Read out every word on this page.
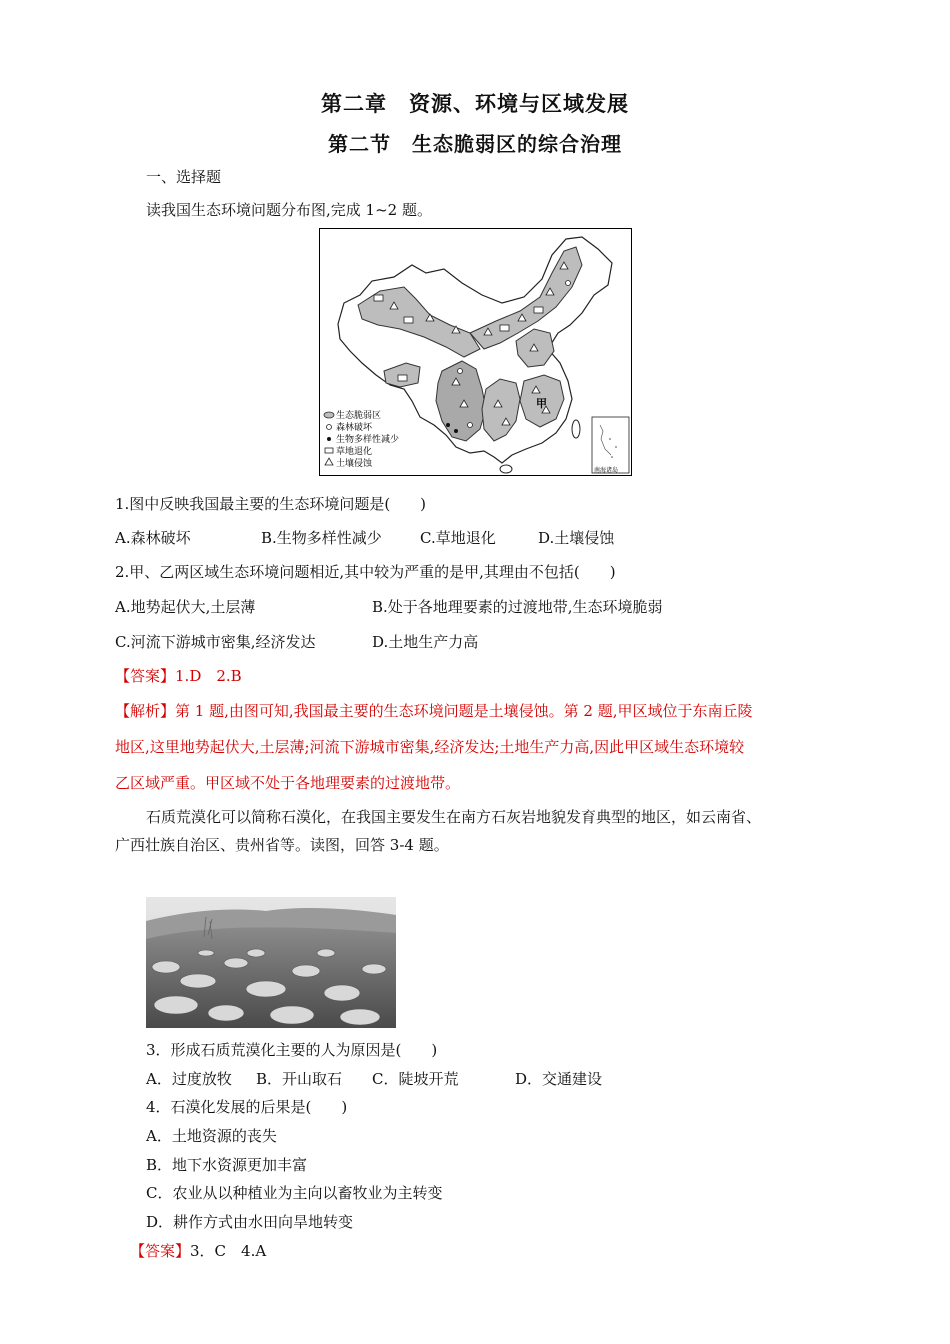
第二章　资源、环境与区域发展
第二节　生态脆弱区的综合治理
一、选择题
读我国生态环境问题分布图,完成 1~2 题。
甲
生态脆弱区
森林破坏
生物多样性减少
草地退化
土壤侵蚀
南海诸岛
1.图中反映我国最主要的生态环境问题是(　　)
A.森林破坏	B.生物多样性减少	C.草地退化	D.土壤侵蚀
2.甲、乙两区域生态环境问题相近,其中较为严重的是甲,其理由不包括(　　)
A.地势起伏大,土层薄	B.处于各地理要素的过渡地带,生态环境脆弱
C.河流下游城市密集,经济发达	D.土地生产力高
【答案】1.D　2.B
【解析】第 1 题,由图可知,我国最主要的生态环境问题是土壤侵蚀。第 2 题,甲区域位于东南丘陵
地区,这里地势起伏大,土层薄;河流下游城市密集,经济发达;土地生产力高,因此甲区域生态环境较
乙区域严重。甲区域不处于各地理要素的过渡地带。
石质荒漠化可以简称石漠化，在我国主要发生在南方石灰岩地貌发育典型的地区，如云南省、
广西壮族自治区、贵州省等。读图，回答 3-4 题。
3．形成石质荒漠化主要的人为原因是(　　)
A．过度放牧 B．开山取石 C．陡坡开荒	D．交通建设
4．石漠化发展的后果是(　　)
A．土地资源的丧失
B．地下水资源更加丰富
C．农业从以种植业为主向以畜牧业为主转变
D．耕作方式由水田向旱地转变
【答案】3．C　4.A
